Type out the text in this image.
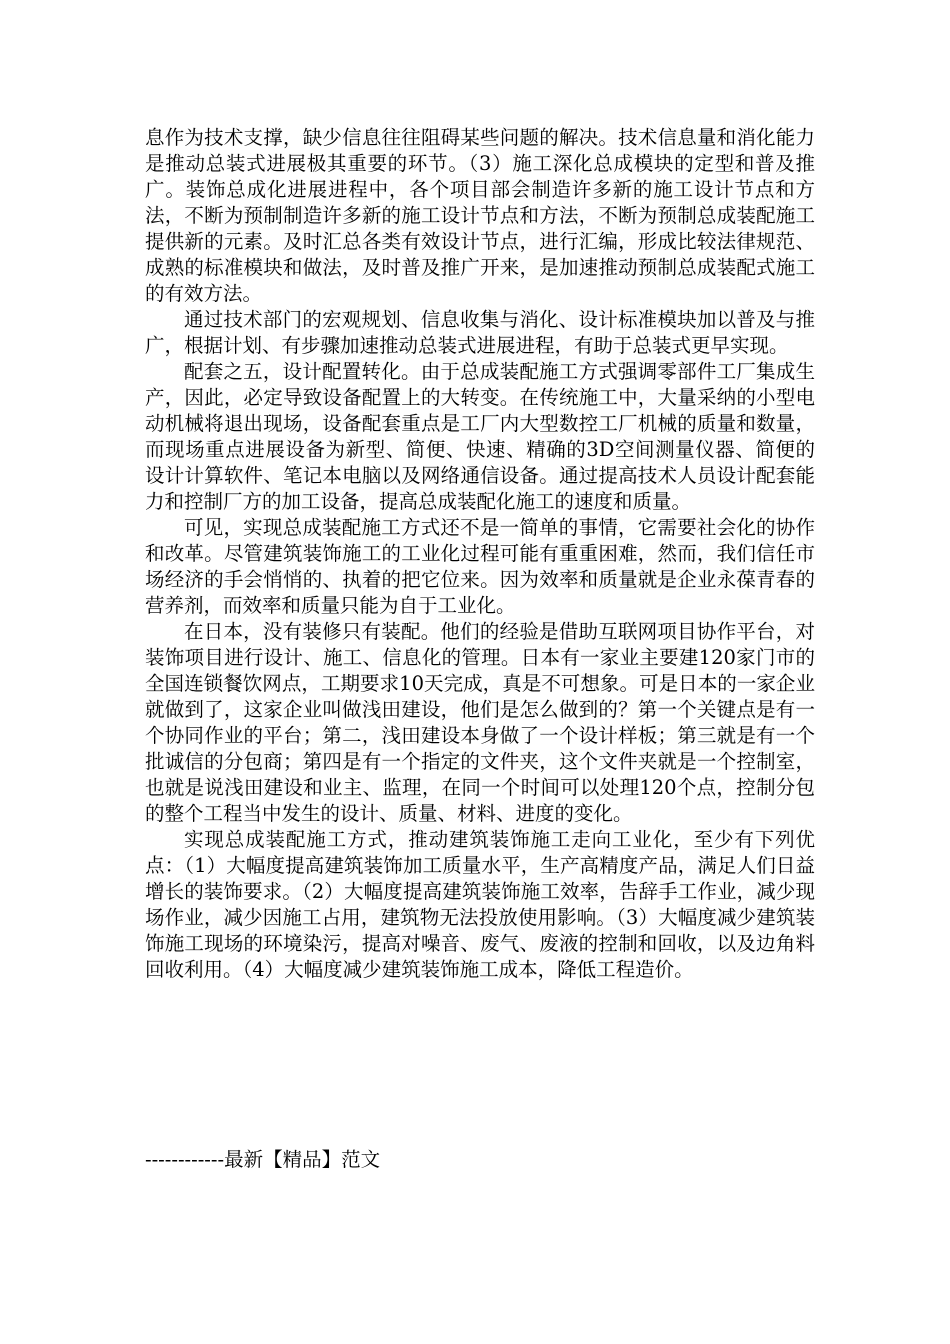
息作为技术支撑，缺少信息往往阻碍某些问题的解决。技术信息量和消化能力是推动总装式进展极其重要的环节。（3）施工深化总成模块的定型和普及推广。装饰总成化进展进程中，各个项目部会制造许多新的施工设计节点和方法，不断为预制制造许多新的施工设计节点和方法，不断为预制总成装配施工提供新的元素。及时汇总各类有效设计节点，进行汇编，形成比较法律规范、成熟的标准模块和做法，及时普及推广开来，是加速推动预制总成装配式施工的有效方法。

通过技术部门的宏观规划、信息收集与消化、设计标准模块加以普及与推广，根据计划、有步骤加速推动总装式进展进程，有助于总装式更早实现。

配套之五，设计配置转化。由于总成装配施工方式强调零部件工厂集成生产，因此，必定导致设备配置上的大转变。在传统施工中，大量采纳的小型电动机械将退出现场，设备配套重点是工厂内大型数控工厂机械的质量和数量，而现场重点进展设备为新型、简便、快速、精确的3D空间测量仪器、简便的设计计算软件、笔记本电脑以及网络通信设备。通过提高技术人员设计配套能力和控制厂方的加工设备，提高总成装配化施工的速度和质量。

可见，实现总成装配施工方式还不是一简单的事情，它需要社会化的协作和改革。尽管建筑装饰施工的工业化过程可能有重重困难，然而，我们信任市场经济的手会悄悄的、执着的把它位来。因为效率和质量就是企业永葆青春的营养剂，而效率和质量只能为自于工业化。

在日本，没有装修只有装配。他们的经验是借助互联网项目协作平台，对装饰项目进行设计、施工、信息化的管理。日本有一家业主要建120家门市的全国连锁餐饮网点，工期要求10天完成，真是不可想象。可是日本的一家企业就做到了，这家企业叫做浅田建设，他们是怎么做到的？第一个关键点是有一个协同作业的平台；第二，浅田建设本身做了一个设计样板；第三就是有一个批诚信的分包商；第四是有一个指定的文件夹，这个文件夹就是一个控制室，也就是说浅田建设和业主、监理，在同一个时间可以处理120个点，控制分包的整个工程当中发生的设计、质量、材料、进度的变化。

实现总成装配施工方式，推动建筑装饰施工走向工业化，至少有下列优点：（1）大幅度提高建筑装饰加工质量水平，生产高精度产品，满足人们日益增长的装饰要求。（2）大幅度提高建筑装饰施工效率，告辞手工作业，减少现场作业，减少因施工占用，建筑物无法投放使用影响。（3）大幅度减少建筑装饰施工现场的环境染污，提高对噪音、废气、废液的控制和回收，以及边角料回收利用。（4）大幅度减少建筑装饰施工成本，降低工程造价。

------------最新【精品】范文
